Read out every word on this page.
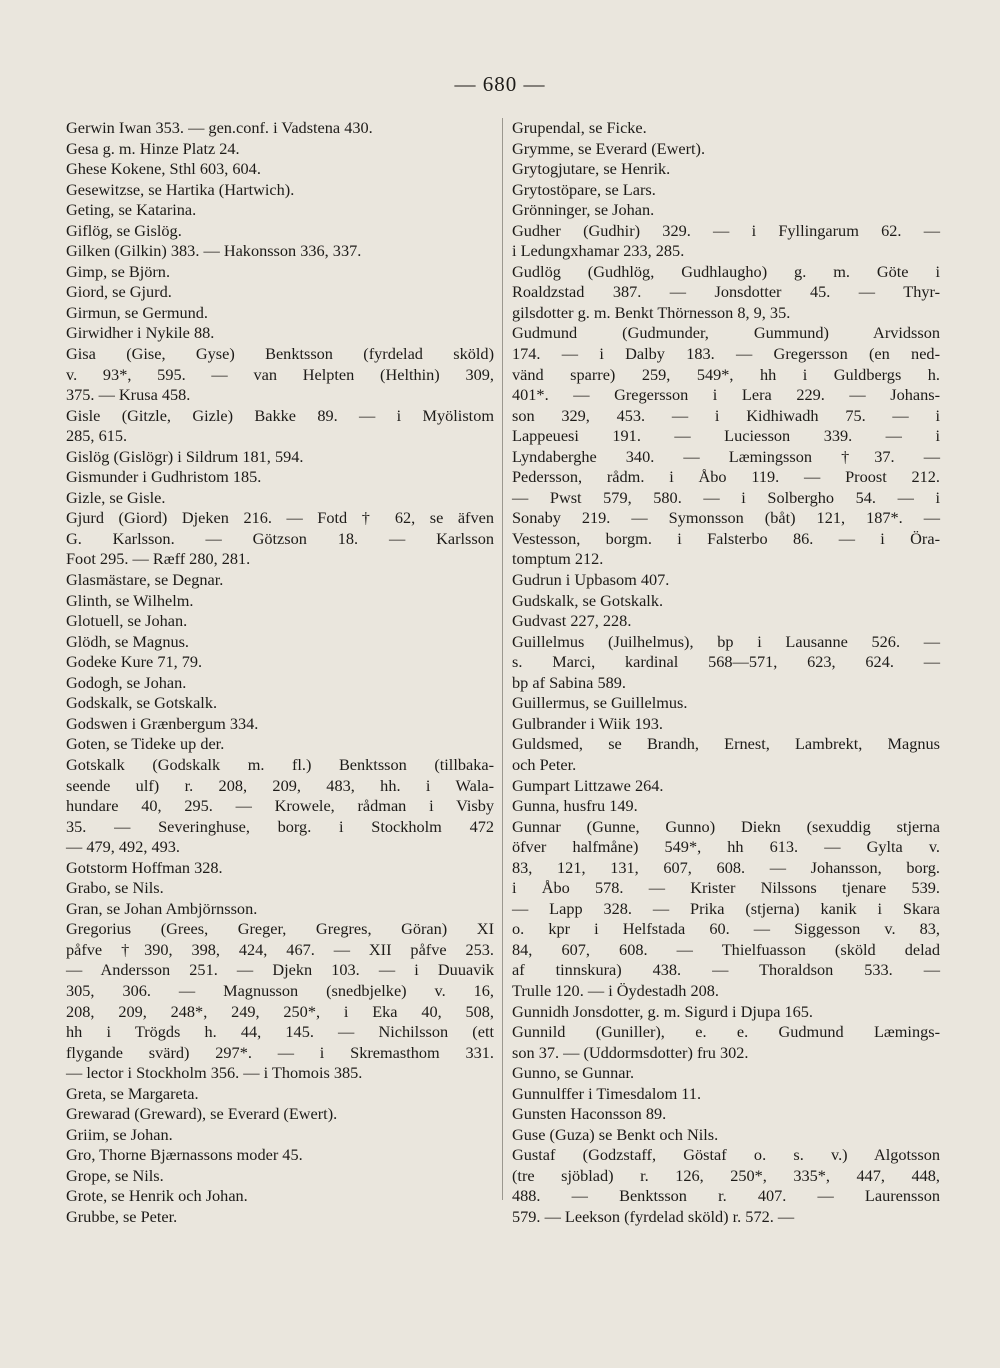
— 680 —
Gerwin Iwan 353. — gen.conf. i Vadstena 430.
Gesa g. m. Hinze Platz 24.
Ghese Kokene, Sthl 603, 604.
Gesewitzse, se Hartika (Hartwich).
Geting, se Katarina.
Giflög, se Gislög.
Gilken (Gilkin) 383. — Hakonsson 336, 337.
Gimp, se Björn.
Giord, se Gjurd.
Girmun, se Germund.
Girwidher i Nykile 88.
Gisa (Gise, Gyse) Benktsson (fyrdelad sköld)
v. 93*, 595. — van Helpten (Helthin) 309,
375. — Krusa 458.
Gisle (Gitzle, Gizle) Bakke 89. — i Myölistom
285, 615.
Gislög (Gislögr) i Sildrum 181, 594.
Gismunder i Gudhristom 185.
Gizle, se Gisle.
Gjurd (Giord) Djeken 216. — Fotd † 62, se äfven
G. Karlsson. — Götzson 18. — Karlsson
Foot 295. — Ræff 280, 281.
Glasmästare, se Degnar.
Glinth, se Wilhelm.
Glotuell, se Johan.
Glödh, se Magnus.
Godeke Kure 71, 79.
Godogh, se Johan.
Godskalk, se Gotskalk.
Godswen i Grænbergum 334.
Goten, se Tideke up der.
Gotskalk (Godskalk m. fl.) Benktsson (tillbaka-
seende ulf) r. 208, 209, 483, hh. i Wala-
hundare 40, 295. — Krowele, rådman i Visby
35. — Severinghuse, borg. i Stockholm 472
— 479, 492, 493.
Gotstorm Hoffman 328.
Grabo, se Nils.
Gran, se Johan Ambjörnsson.
Gregorius (Grees, Greger, Gregres, Göran) XI
påfve †390, 398, 424, 467. — XII påfve 253.
— Andersson 251. — Djekn 103. — i Duuavik
305, 306. — Magnusson (snedbjelke) v. 16,
208, 209, 248*, 249, 250*, i Eka 40, 508,
hh i Trögds h. 44, 145. — Nichilsson (ett
flygande svärd) 297*. — i Skremasthom 331.
— lector i Stockholm 356. — i Thomois 385.
Greta, se Margareta.
Grewarad (Greward), se Everard (Ewert).
Griim, se Johan.
Gro, Thorne Bjærnassons moder 45.
Grope, se Nils.
Grote, se Henrik och Johan.
Grubbe, se Peter.
Grupendal, se Ficke.
Grymme, se Everard (Ewert).
Grytogjutare, se Henrik.
Grytostöpare, se Lars.
Grönninger, se Johan.
Gudher (Gudhir) 329. — i Fyllingarum 62. —
i Ledungxhamar 233, 285.
Gudlög (Gudhlög, Gudhlaugho) g. m. Göte i
Roaldzstad 387. — Jonsdotter 45. — Thyr-
gilsdotter g. m. Benkt Thörnesson 8, 9, 35.
Gudmund (Gudmunder, Gummund) Arvidsson
174. — i Dalby 183. — Gregersson (en ned-
vänd sparre) 259, 549*, hh i Guldbergs h.
401*. — Gregersson i Lera 229. — Johans-
son 329, 453. — i Kidhiwadh 75. — i
Lappeuesi 191. — Luciesson 339. — i
Lyndaberghe 340. — Læmingsson †37. —
Pedersson, rådm. i Åbo 119. — Proost 212.
— Pwst 579, 580. — i Solbergho 54. — i
Sonaby 219. — Symonsson (båt) 121, 187*. —
Vestesson, borgm. i Falsterbo 86. — i Öra-
tomptum 212.
Gudrun i Upbasom 407.
Gudskalk, se Gotskalk.
Gudvast 227, 228.
Guillelmus (Juilhelmus), bp i Lausanne 526. —
s. Marci, kardinal 568—571, 623, 624. —
bp af Sabina 589.
Guillermus, se Guillelmus.
Gulbrander i Wiik 193.
Guldsmed, se Brandh, Ernest, Lambrekt, Magnus
och Peter.
Gumpart Littzawe 264.
Gunna, husfru 149.
Gunnar (Gunne, Gunno) Diekn (sexuddig stjerna
öfver halfmåne) 549*, hh 613. — Gylta v.
83, 121, 131, 607, 608. — Johansson, borg.
i Åbo 578. — Krister Nilssons tjenare 539.
— Lapp 328. — Prika (stjerna) kanik i Skara
o. kpr i Helfstada 60. — Siggesson v. 83,
84, 607, 608. — Thielfuasson (sköld delad
af tinnskura) 438. — Thoraldson 533. —
Trulle 120. — i Öydestadh 208.
Gunnidh Jonsdotter, g. m. Sigurd i Djupa 165.
Gunnild (Guniller), e. e. Gudmund Læmings-
son 37. — (Uddormsdotter) fru 302.
Gunno, se Gunnar.
Gunnulffer i Timesdalom 11.
Gunsten Haconsson 89.
Guse (Guza) se Benkt och Nils.
Gustaf (Godzstaff, Göstaf o. s. v.) Algotsson
(tre sjöblad) r. 126, 250*, 335*, 447, 448,
488. — Benktsson r. 407. — Laurensson
579. — Leekson (fyrdelad sköld) r. 572. —
